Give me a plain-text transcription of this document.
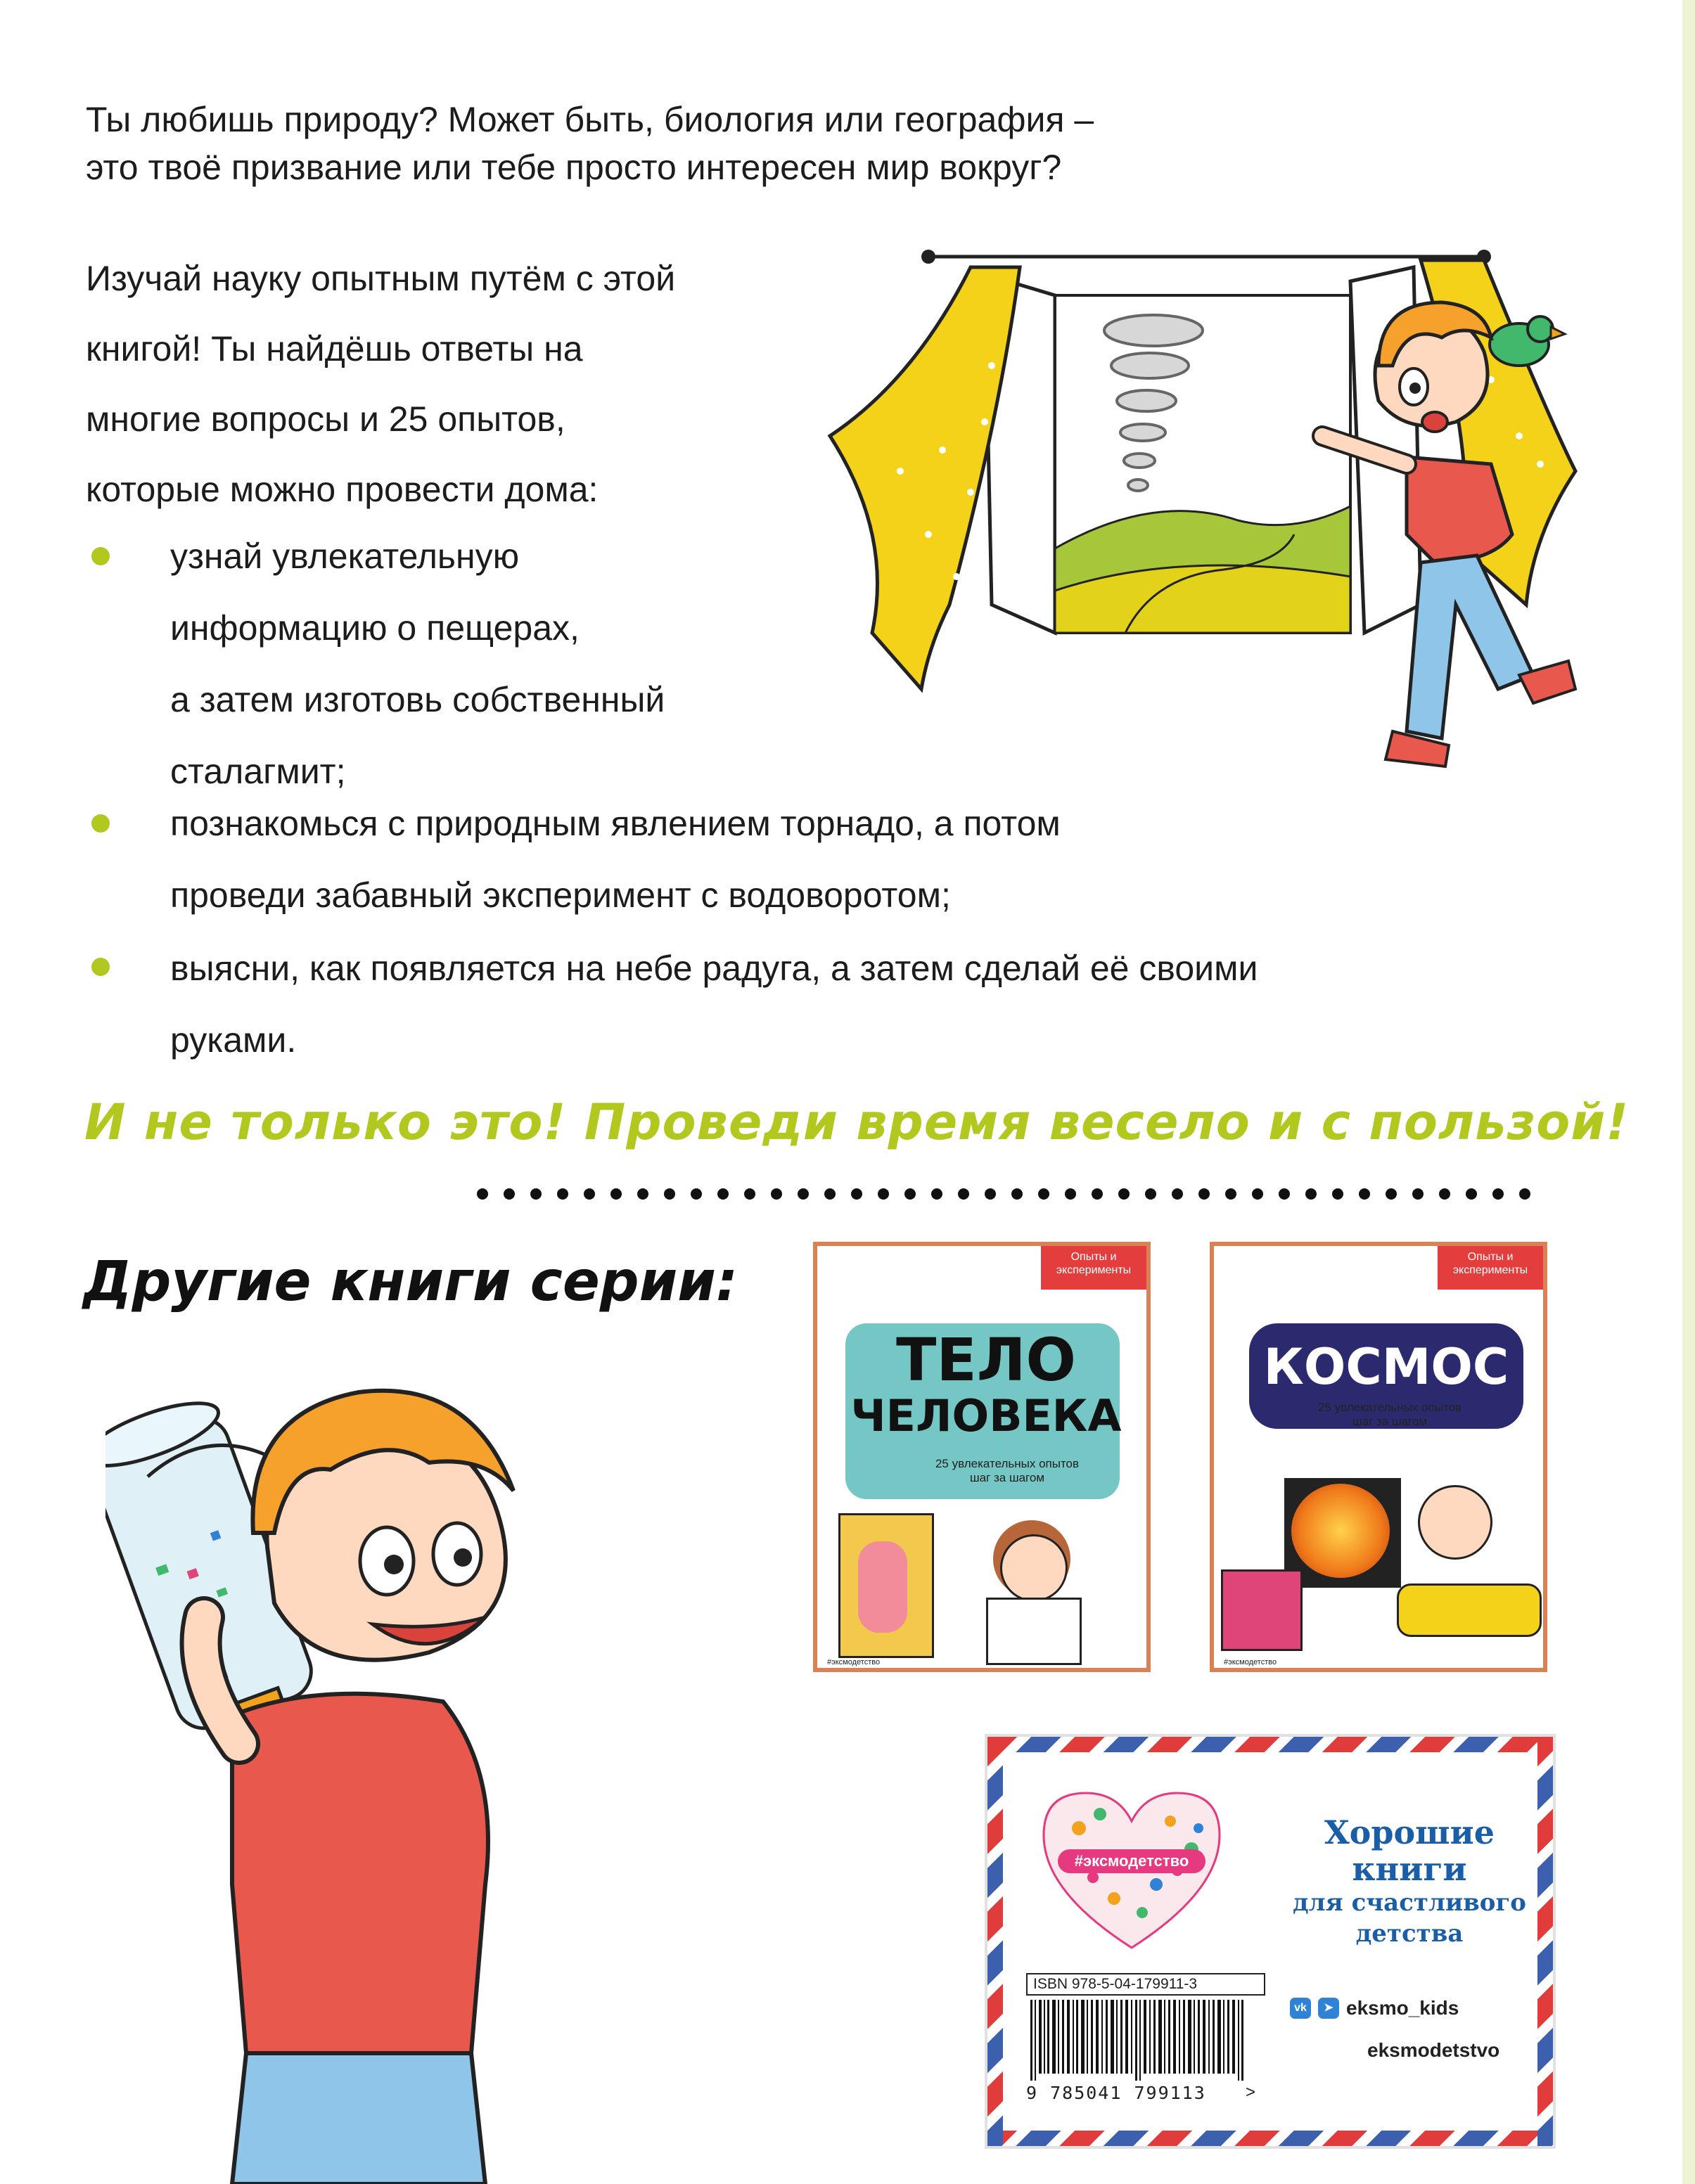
Ты любишь природу? Может быть, биология или география –
это твоё призвание или тебе просто интересен мир вокруг?
Изучай науку опытным путём с этой
книгой! Ты найдёшь ответы на
многие вопросы и 25 опытов,
которые можно провести дома:
узнай увлекательную
информацию о пещерах,
а затем изготовь собственный
сталагмит;
познакомься с природным явлением торнадо, а потом
проведи забавный эксперимент с водоворотом;
выясни, как появляется на небе радуга, а затем сделай её своими
руками.
И не только это! Проведи время весело и с пользой!
Другие книги серии:	Опыты и эксперименты
ТЕЛО
ЧЕЛОВЕКА
25 увлекательных опытов
шаг за шагом
#эксмодетство
Опыты и эксперименты
КОСМОС
25 увлекательных опытов
шаг за шагом
#эксмодетство
#эксмодетство
Хорошие
книги
для счастливого
детства
ISBN 978-5-04-179911-3
9 785041 799113 >
vk	➤ eksmo_kids
eksmodetstvo
